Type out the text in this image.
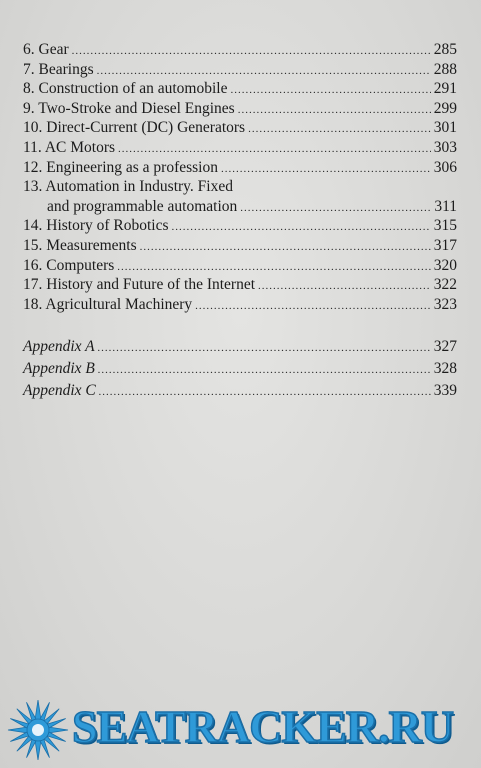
6. Gear .....	285
7. Bearings .....	288
8. Construction of an automobile .....	291
9. Two-Stroke and Diesel Engines .....	299
10. Direct-Current (DC) Generators .....	301
11. AC Motors .....	303
12. Engineering as a profession .....	306
13. Automation in Industry. Fixed
and programmable automation .....	311
14. History of Robotics .....	315
15. Measurements .....	317
16. Computers .....	320
17. History and Future of the Internet .....	322
18. Agricultural Machinery .....	323
Appendix A .....	327
Appendix B .....	328
Appendix C .....	339
SEATRACKER.RU
